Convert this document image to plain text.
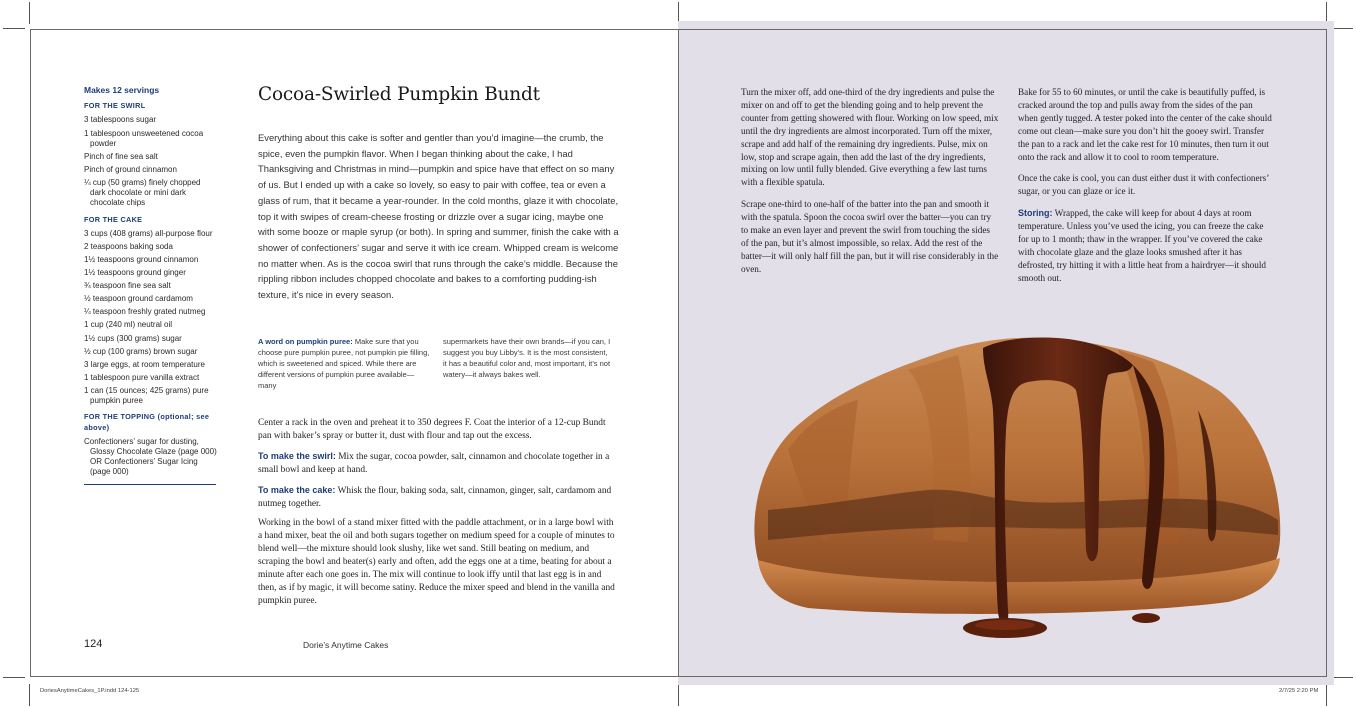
Makes 12 servings
FOR THE SWIRL
3 tablespoons sugar
1 tablespoon unsweetened cocoa powder
Pinch of fine sea salt
Pinch of ground cinnamon
¼ cup (50 grams) finely chopped dark chocolate or mini dark chocolate chips
FOR THE CAKE
3 cups (408 grams) all-purpose flour
2 teaspoons baking soda
1½ teaspoons ground cinnamon
1½ teaspoons ground ginger
¾ teaspoon fine sea salt
½ teaspoon ground cardamom
¼ teaspoon freshly grated nutmeg
1 cup (240 ml) neutral oil
1½ cups (300 grams) sugar
½ cup (100 grams) brown sugar
3 large eggs, at room temperature
1 tablespoon pure vanilla extract
1 can (15 ounces; 425 grams) pure pumpkin puree
FOR THE TOPPING (optional; see above)
Confectioners’ sugar for dusting, Glossy Chocolate Glaze (page 000) OR Confectioners’ Sugar Icing (page 000)
Cocoa-Swirled Pumpkin Bundt
Everything about this cake is softer and gentler than you’d imagine—the crumb, the spice, even the pumpkin flavor. When I began thinking about the cake, I had Thanksgiving and Christmas in mind—pumpkin and spice have that effect on so many of us. But I ended up with a cake so lovely, so easy to pair with coffee, tea or even a glass of rum, that it became a year-rounder. In the cold months, glaze it with chocolate, top it with swipes of cream-cheese frosting or drizzle over a sugar icing, maybe one with some booze or maple syrup (or both). In spring and summer, finish the cake with a shower of confectioners’ sugar and serve it with ice cream. Whipped cream is welcome no matter when. As is the cocoa swirl that runs through the cake’s middle. Because the rippling ribbon includes chopped chocolate and bakes to a comforting pudding-ish texture, it’s nice in every season.
A word on pumpkin puree: Make sure that you choose pure pumpkin puree, not pumpkin pie filling, which is sweetened and spiced. While there are different versions of pumpkin puree available—many
supermarkets have their own brands—if you can, I suggest you buy Libby’s. It is the most consistent, it has a beautiful color and, most important, it’s not watery—it always bakes well.

Center a rack in the oven and preheat it to 350 degrees F. Coat the interior of a 12-cup Bundt pan with baker’s spray or butter it, dust with flour and tap out the excess.

To make the swirl: Mix the sugar, cocoa powder, salt, cinnamon and chocolate together in a small bowl and keep at hand.

To make the cake: Whisk the flour, baking soda, salt, cinnamon, ginger, salt, cardamom and nutmeg together.

Working in the bowl of a stand mixer fitted with the paddle attachment, or in a large bowl with a hand mixer, beat the oil and both sugars together on medium speed for a couple of minutes to blend well—the mixture should look slushy, like wet sand. Still beating on medium, and scraping the bowl and beater(s) early and often, add the eggs one at a time, beating for about a minute after each one goes in. The mix will continue to look iffy until that last egg is in and then, as if by magic, it will become satiny. Reduce the mixer speed and blend in the vanilla and pumpkin puree.

124	Dorie’s Anytime Cakes

Turn the mixer off, add one-third of the dry ingredients and pulse the mixer on and off to get the blending going and to help prevent the counter from getting showered with flour. Working on low speed, mix until the dry ingredients are almost incorporated. Turn off the mixer, scrape and add half of the remaining dry ingredients. Pulse, mix on low, stop and scrape again, then add the last of the dry ingredients, mixing on low until fully blended. Give everything a few last turns with a flexible spatula.

Scrape one-third to one-half of the batter into the pan and smooth it with the spatula. Spoon the cocoa swirl over the batter—you can try to make an even layer and prevent the swirl from touching the sides of the pan, but it’s almost impossible, so relax. Add the rest of the batter—it will only half fill the pan, but it will rise considerably in the oven.

Bake for 55 to 60 minutes, or until the cake is beautifully puffed, is cracked around the top and pulls away from the sides of the pan when gently tugged. A tester poked into the center of the cake should come out clean—make sure you don’t hit the gooey swirl. Transfer the pan to a rack and let the cake rest for 10 minutes, then turn it out onto the rack and allow it to cool to room temperature.

Once the cake is cool, you can dust either dust it with confectioners’ sugar, or you can glaze or ice it.

Storing: Wrapped, the cake will keep for about 4 days at room temperature. Unless you’ve used the icing, you can freeze the cake for up to 1 month; thaw in the wrapper. If you’ve covered the cake with chocolate glaze and the glaze looks smushed after it has defrosted, try hitting it with a little heat from a hairdryer—it should smooth out.

DoriesAnytimeCakes_1P.indd 124-125	2/7/25 2:20 PM
